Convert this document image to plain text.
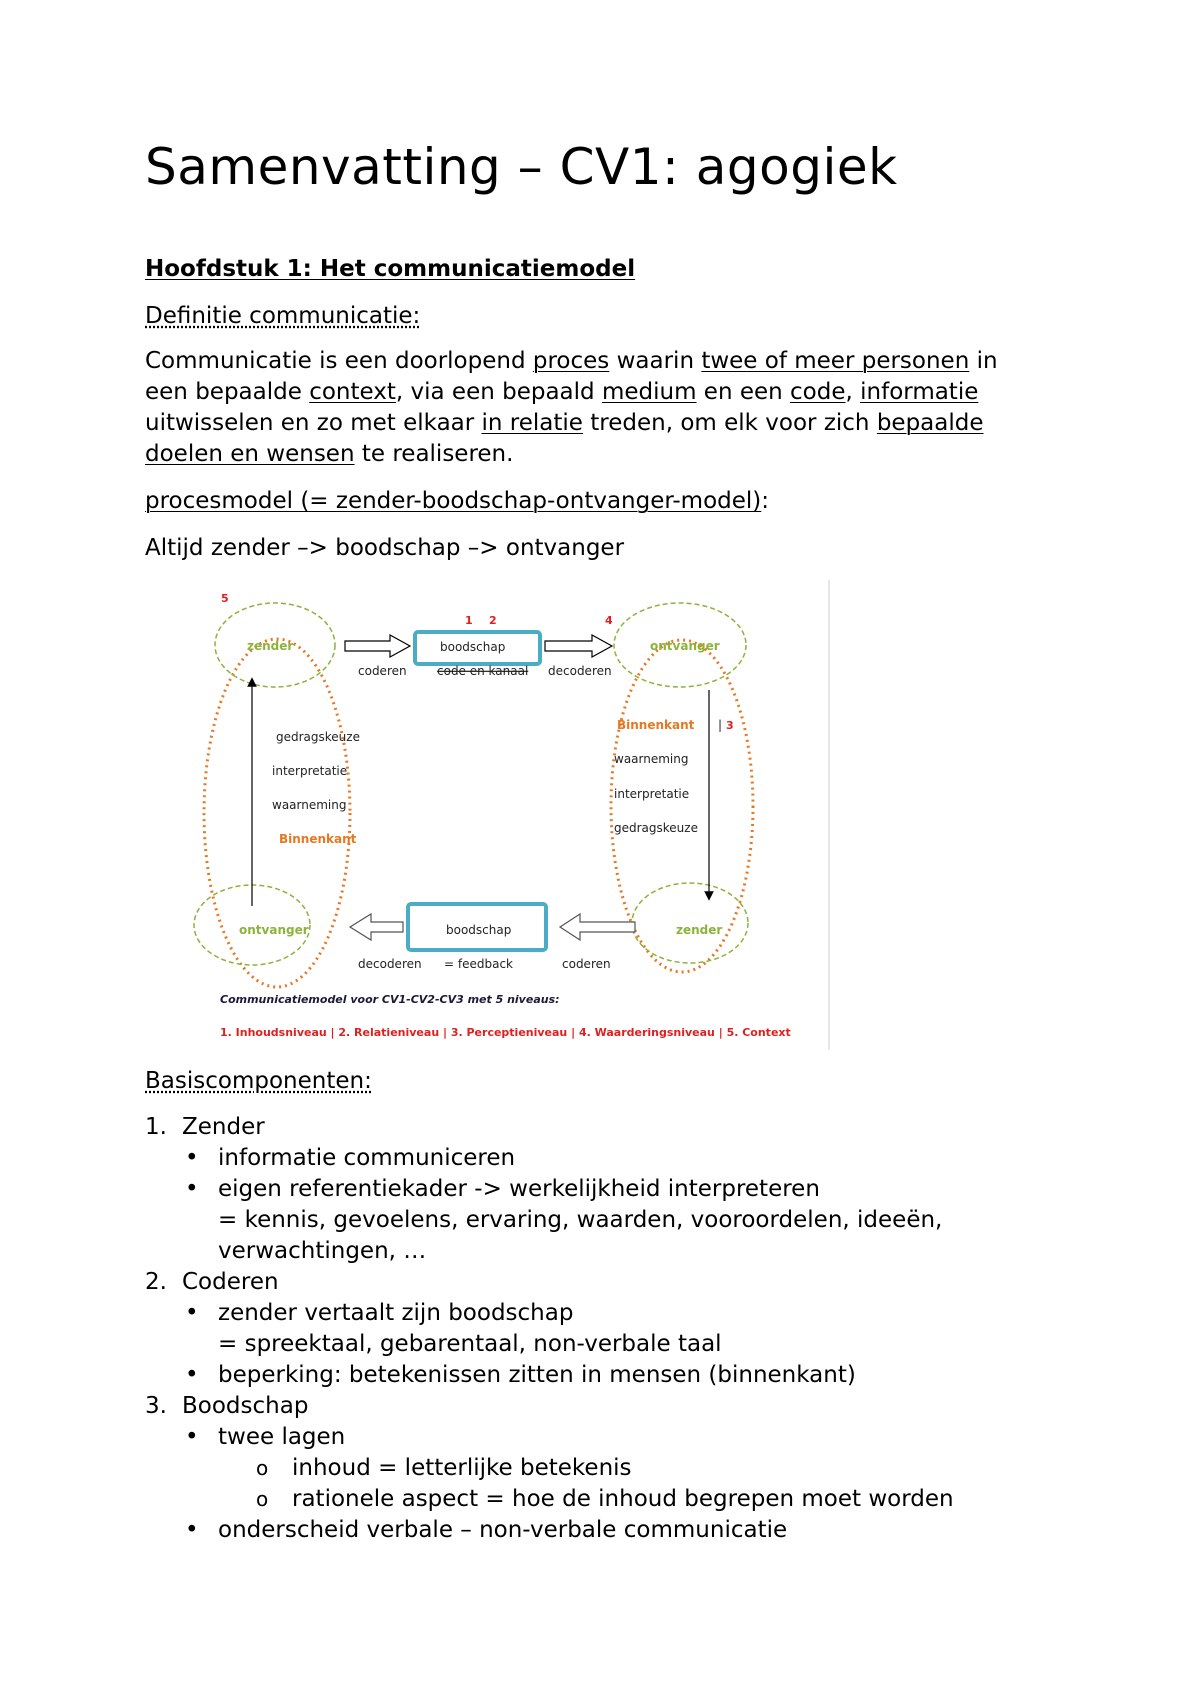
Samenvatting – CV1: agogiek
Hoofdstuk 1: Het communicatiemodel
Definitie communicatie:
Communicatie is een doorlopend proces waarin twee of meer personen in
een bepaalde context, via een bepaald medium en een code, informatie
uitwisselen en zo met elkaar in relatie treden, om elk voor zich bepaalde
doelen en wensen te realiseren.
procesmodel (= zender-boodschap-ontvanger-model):
Altijd zender –> boodschap –> ontvanger
5
1 2	4
3
zender	ontvanger
ontvanger	zender
boodschap
code en kanaal
boodschap
coderen	decoderen
decoderen = feedback	coderen
gedragskeuze
interpretatie
waarneming
Binnenkant
Binnenkant |
waarneming
interpretatie
gedragskeuze
Communicatiemodel voor CV1-CV2-CV3 met 5 niveaus:
1. Inhoudsniveau | 2. Relatieniveau | 3. Perceptieniveau | 4. Waarderingsniveau | 5. Context
Basiscomponenten:
1. Zender
• informatie communiceren
• eigen referentiekader -> werkelijkheid interpreteren
= kennis, gevoelens, ervaring, waarden, vooroordelen, ideeën,
verwachtingen, …
2. Coderen
• zender vertaalt zijn boodschap
= spreektaal, gebarentaal, non-verbale taal
• beperking: betekenissen zitten in mensen (binnenkant)
3. Boodschap
• twee lagen
o inhoud = letterlijke betekenis
o rationele aspect = hoe de inhoud begrepen moet worden
• onderscheid verbale – non-verbale communicatie
